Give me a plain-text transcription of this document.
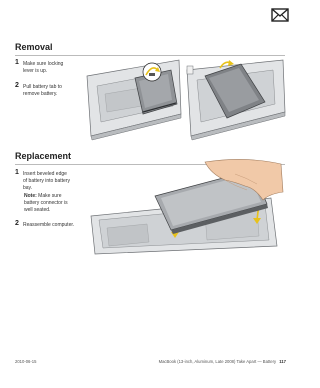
Removal
1 Make sure locking
lever is up.
2 Pull battery tab to
remove battery.
Replacement
1 Insert beveled edge
of battery into battery
bay.
Note: Make sure
battery connector is
well seated.
2 Reassemble computer.
2010-06-15	MacBook (13-inch, Aluminum, Late 2008) Take Apart — Battery 117
